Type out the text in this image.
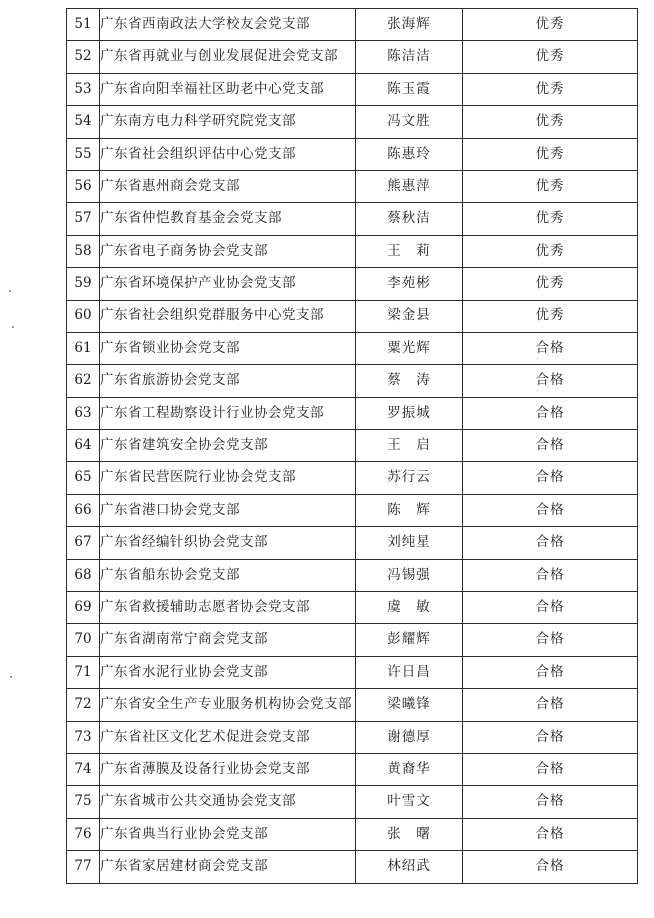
51	广东省西南政法大学校友会党支部	张海辉	优秀
52	广东省再就业与创业发展促进会党支部	陈洁洁	优秀
53	广东省向阳幸福社区助老中心党支部	陈玉霞	优秀
54	广东南方电力科学研究院党支部	冯文胜	优秀
55	广东省社会组织评估中心党支部	陈惠玲	优秀
56	广东省惠州商会党支部	熊惠萍	优秀
57	广东省仲恺教育基金会党支部	蔡秋洁	优秀
58	广东省电子商务协会党支部	王　莉	优秀
59	广东省环境保护产业协会党支部	李苑彬	优秀
60	广东省社会组织党群服务中心党支部	梁金县	优秀
61	广东省锁业协会党支部	粟光辉	合格
62	广东省旅游协会党支部	蔡　涛	合格
63	广东省工程勘察设计行业协会党支部	罗振城	合格
64	广东省建筑安全协会党支部	王　启	合格
65	广东省民营医院行业协会党支部	苏行云	合格
66	广东省港口协会党支部	陈　辉	合格
67	广东省经编针织协会党支部	刘纯星	合格
68	广东省船东协会党支部	冯锡强	合格
69	广东省救援辅助志愿者协会党支部	虞　敏	合格
70	广东省湖南常宁商会党支部	彭耀辉	合格
71	广东省水泥行业协会党支部	许日昌	合格
72	广东省安全生产专业服务机构协会党支部	梁曦锋	合格
73	广东省社区文化艺术促进会党支部	谢德厚	合格
74	广东省薄膜及设备行业协会党支部	黄裔华	合格
75	广东省城市公共交通协会党支部	叶雪文	合格
76	广东省典当行业协会党支部	张　曙	合格
77	广东省家居建材商会党支部	林绍武	合格
